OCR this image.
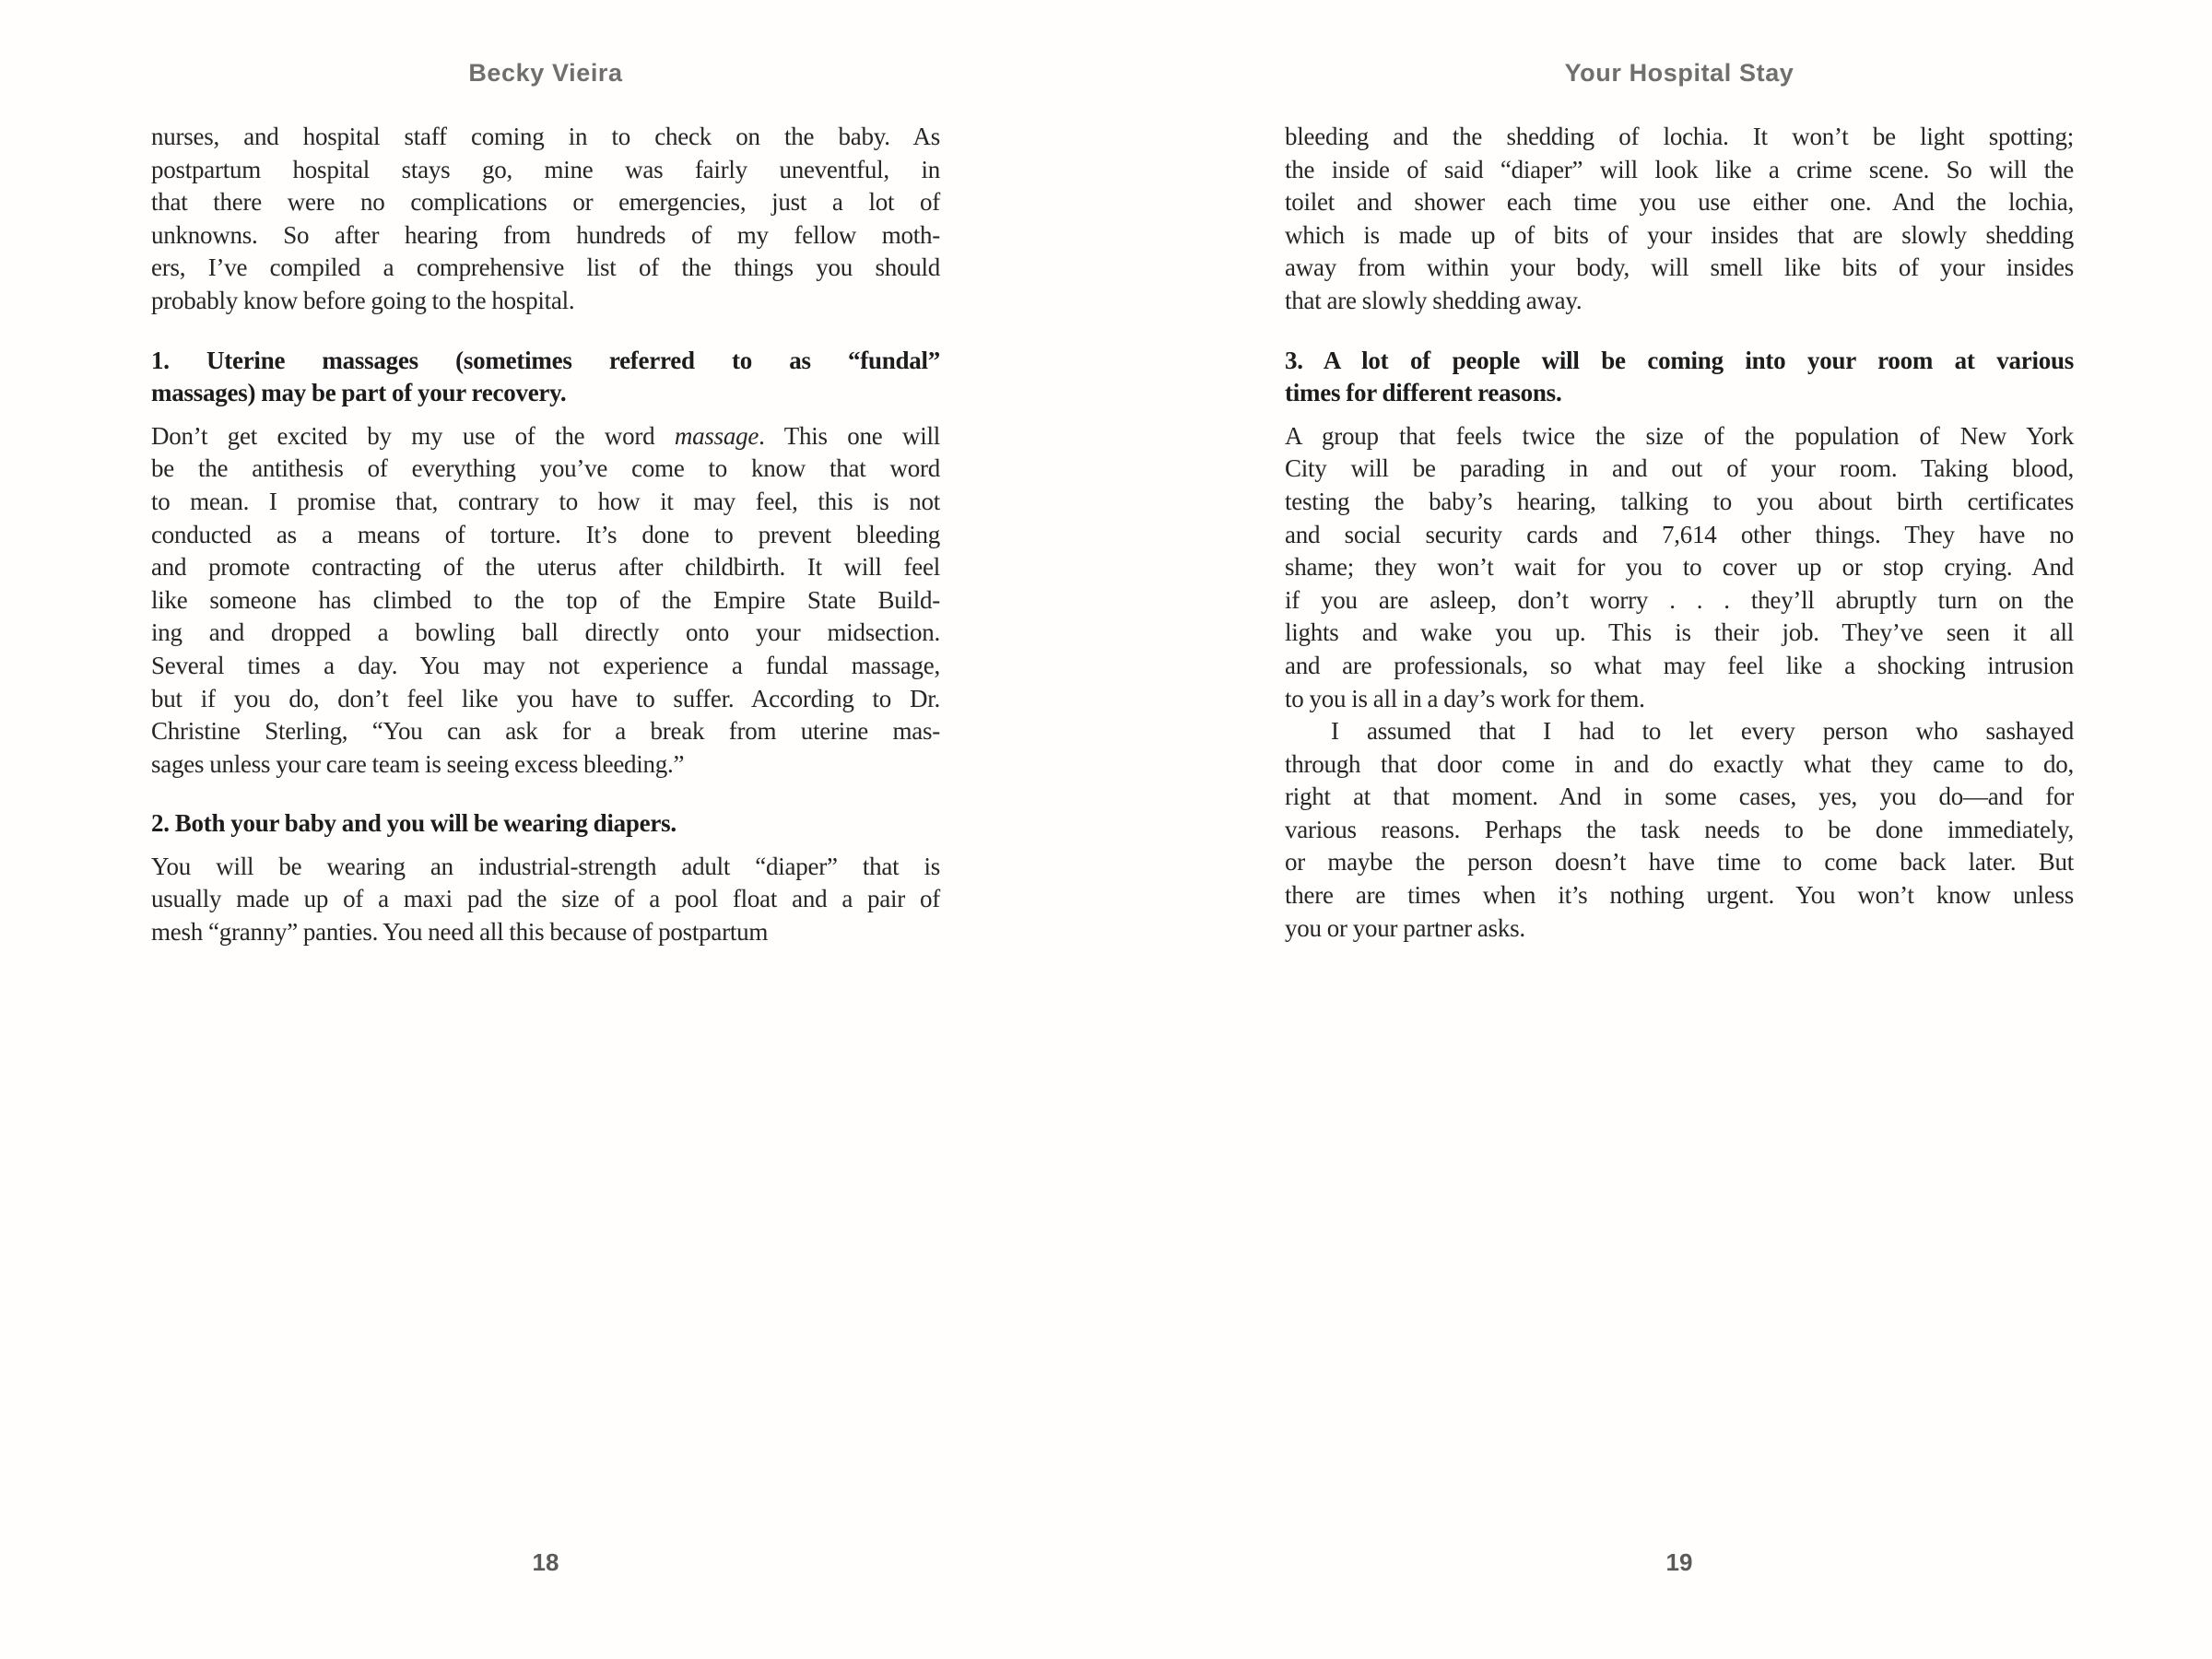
Becky Vieira
nurses, and hospital staff coming in to check on the baby. As
postpartum hospital stays go, mine was fairly uneventful, in
that there were no complications or emergencies, just a lot of
unknowns. So after hearing from hundreds of my fellow moth-
ers, I’ve compiled a comprehensive list of the things you should
probably know before going to the hospital.
1. Uterine massages (sometimes referred to as “fundal”
massages) may be part of your recovery.
Don’t get excited by my use of the word massage. This one will
be the antithesis of everything you’ve come to know that word
to mean. I promise that, contrary to how it may feel, this is not
conducted as a means of torture. It’s done to prevent bleeding
and promote contracting of the uterus after childbirth. It will feel
like someone has climbed to the top of the Empire State Build-
ing and dropped a bowling ball directly onto your midsection.
Several times a day. You may not experience a fundal massage,
but if you do, don’t feel like you have to suffer. According to Dr.
Christine Sterling, “You can ask for a break from uterine mas-
sages unless your care team is seeing excess bleeding.”
2. Both your baby and you will be wearing diapers.
You will be wearing an industrial-strength adult “diaper” that is
usually made up of a maxi pad the size of a pool float and a pair of
mesh “granny” panties. You need all this because of postpartum
18
Your Hospital Stay
bleeding and the shedding of lochia. It won’t be light spotting;
the inside of said “diaper” will look like a crime scene. So will the
toilet and shower each time you use either one. And the lochia,
which is made up of bits of your insides that are slowly shedding
away from within your body, will smell like bits of your insides
that are slowly shedding away.
3. A lot of people will be coming into your room at various
times for different reasons.
A group that feels twice the size of the population of New York
City will be parading in and out of your room. Taking blood,
testing the baby’s hearing, talking to you about birth certificates
and social security cards and 7,614 other things. They have no
shame; they won’t wait for you to cover up or stop crying. And
if you are asleep, don’t worry . . . they’ll abruptly turn on the
lights and wake you up. This is their job. They’ve seen it all
and are professionals, so what may feel like a shocking intrusion
to you is all in a day’s work for them.
I assumed that I had to let every person who sashayed
through that door come in and do exactly what they came to do,
right at that moment. And in some cases, yes, you do—and for
various reasons. Perhaps the task needs to be done immediately,
or maybe the person doesn’t have time to come back later. But
there are times when it’s nothing urgent. You won’t know unless
you or your partner asks.
19
